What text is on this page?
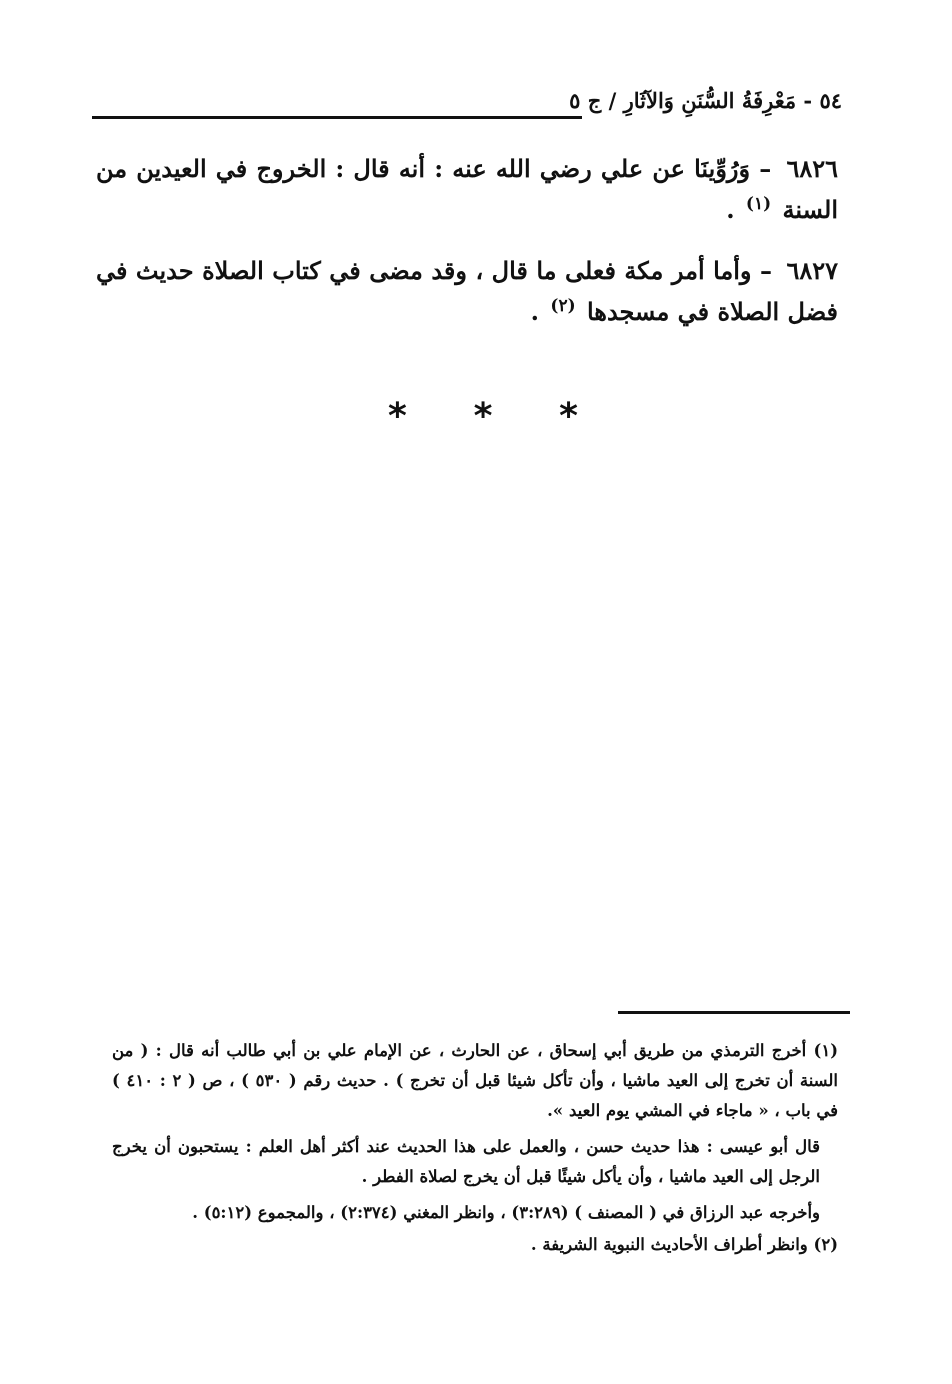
٥٤ - مَعْرِفَةُ السُّنَنِ وَالآثَارِ / ج ٥

٦٨٢٦ – وَرُوِّينَا عن علي رضي الله عنه : أنه قال : الخروج في العيدين من السنة $^{(١)}$ .

٦٨٢٧ – وأما أمر مكة فعلى ما قال ، وقد مضى في كتاب الصلاة حديث في فضل الصلاة في مسجدها $^{(٢)}$ .

* * *

(١) أخرج الترمذي من طريق أبي إسحاق ، عن الحارث ، عن الإمام علي بن أبي طالب أنه قال : ( من السنة أن تخرج إلى العيد ماشيا ، وأن تأكل شيئا قبل أن تخرج ) . حديث رقم ( ٥٣٠ ) ، ص ( ٢ : ٤١٠ ) في باب ، « ماجاء في المشي يوم العيد ».

قال أبو عيسى : هذا حديث حسن ، والعمل على هذا الحديث عند أكثر أهل العلم : يستحبون أن يخرج الرجل إلى العيد ماشيا ، وأن يأكل شيئًا قبل أن يخرج لصلاة الفطر .

وأخرجه عبد الرزاق في ( المصنف ) (٣:٢٨٩) ، وانظر المغني (٢:٣٧٤) ، والمجموع (٥:١٢) .

(٢) وانظر أطراف الأحاديث النبوية الشريفة .
